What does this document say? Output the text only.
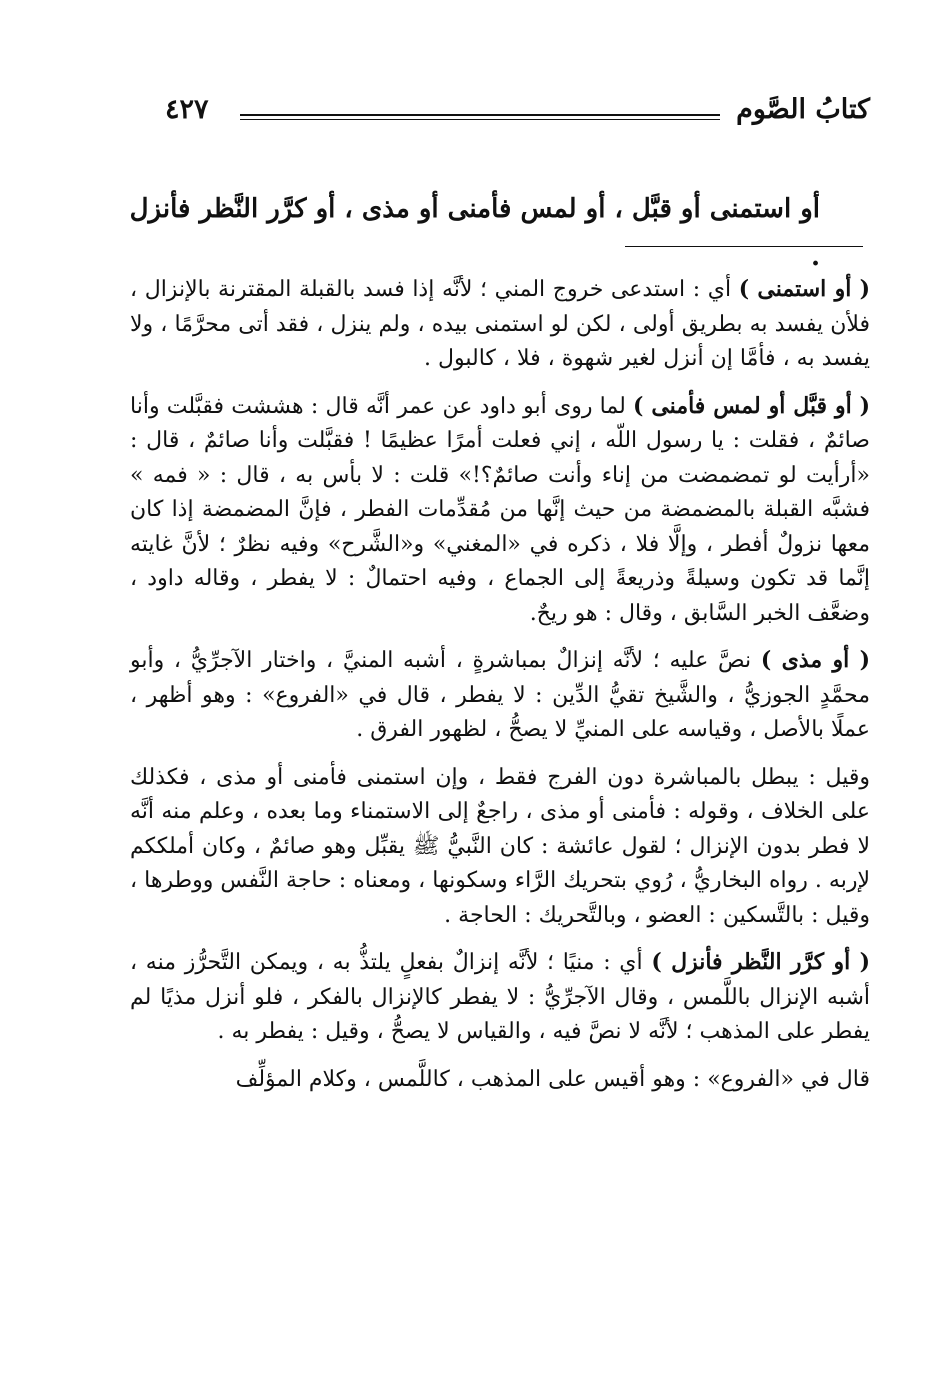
كتابُ الصَّوم
٤٢٧
أو استمنى أو قبَّل ، أو لمس فأمنى أو مذى ، أو كرَّر النَّظر فأنزل .

( أو استمنى ) أي : استدعى خروج المني ؛ لأنَّه إذا فسد بالقبلة المقترنة بالإنزال ، فلأن يفسد به بطريق أولى ، لكن لو استمنى بيده ، ولم ينزل ، فقد أتى محرَّمًا ، ولا يفسد به ، فأمَّا إن أنزل لغير شهوة ، فلا ، كالبول .

( أو قبَّل أو لمس فأمنى ) لما روى أبو داود عن عمر أنَّه قال : هششت فقبَّلت وأنا صائمٌ ، فقلت : يا رسول اللّه ، إني فعلت أمرًا عظيمًا ! فقبَّلت وأنا صائمٌ ، قال : «أرأيت لو تمضمضت من إناء وأنت صائمٌ؟!» قلت : لا بأس به ، قال : « فمه » فشبَّه القبلة بالمضمضة من حيث إنَّها من مُقدِّمات الفطر ، فإنَّ المضمضة إذا كان معها نزولٌ أفطر ، وإلَّا فلا ، ذكره في «المغني» و«الشَّرح» وفيه نظرٌ ؛ لأنَّ غايته إنَّما قد تكون وسيلةً وذريعةً إلى الجماع ، وفيه احتمالٌ : لا يفطر ، وقاله داود ، وضعَّف الخبر السَّابق ، وقال : هو ريحٌ.

( أو مذى ) نصَّ عليه ؛ لأنَّه إنزالٌ بمباشرةٍ ، أشبه المنيَّ ، واختار الآجرِّيُّ ، وأبو محمَّدٍ الجوزيُّ ، والشَّيخ تقيُّ الدِّين : لا يفطر ، قال في «الفروع» : وهو أظهر ، عملًا بالأصل ، وقياسه على المنيِّ لا يصحُّ ، لظهور الفرق .

وقيل : يبطل بالمباشرة دون الفرج فقط ، وإن استمنى فأمنى أو مذى ، فكذلك على الخلاف ، وقوله : فأمنى أو مذى ، راجعٌ إلى الاستمناء وما بعده ، وعلم منه أنَّه لا فطر بدون الإنزال ؛ لقول عائشة : كان النَّبيُّ ﷺ يقبِّل وهو صائمٌ ، وكان أملككم لإربه . رواه البخاريُّ ، رُوي بتحريك الرَّاء وسكونها ، ومعناه : حاجة النَّفس ووطرها ، وقيل : بالتَّسكين : العضو ، وبالتَّحريك : الحاجة .

( أو كرَّر النَّظر فأنزل ) أي : منيًا ؛ لأنَّه إنزالٌ بفعلٍ يلتذُّ به ، ويمكن التَّحرُّز منه ، أشبه الإنزال باللَّمس ، وقال الآجرِّيُّ : لا يفطر كالإنزال بالفكر ، فلو أنزل مذيًا لم يفطر على المذهب ؛ لأنَّه لا نصَّ فيه ، والقياس لا يصحُّ ، وقيل : يفطر به .

قال في «الفروع» : وهو أقيس على المذهب ، كاللَّمس ، وكلام المؤلِّف
